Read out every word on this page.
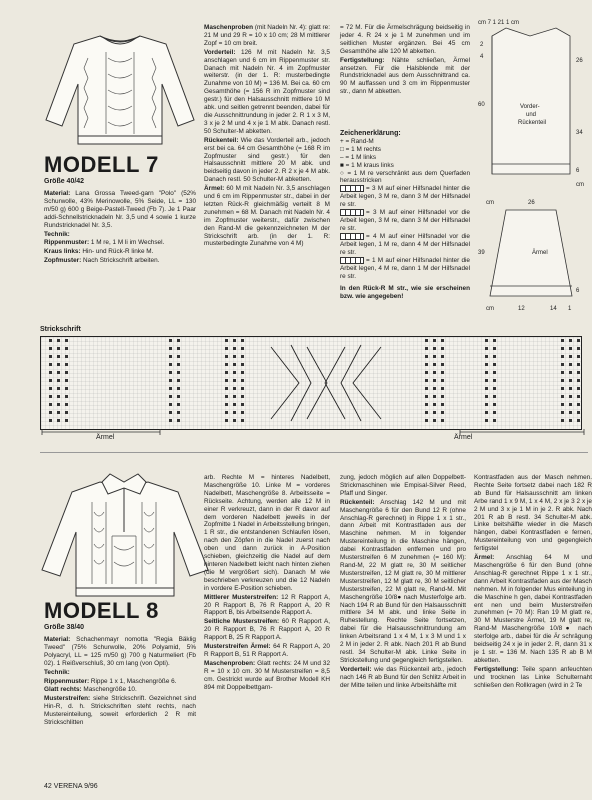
MODELL 7
Größe 40/42

Material: Lana Grossa Tweed-garn "Polo" (52% Schurwolle, 43% Merinowolle, 5% Seide, LL = 130 m/50 g) 600 g Beige-Pastell-Tweed (Fb 7). Je 1 Paar addi-Schnellstricknadeln Nr. 3,5 und 4 sowie 1 kurze Rundstricknadel Nr. 3,5.

Technik:

Rippenmuster: 1 M re, 1 M li im Wechsel.

Kraus links: Hin- und Rück-R linke M.

Zopfmuster: Nach Strickschrift arbeiten.

Maschenproben (mit Nadeln Nr. 4): glatt re: 21 M und 29 R = 10 x 10 cm; 28 M mittlerer Zopf = 10 cm breit.

Vorderteil: 126 M mit Nadeln Nr. 3,5 anschlagen und 6 cm im Rippenmuster str. Danach mit Nadeln Nr. 4 im Zopfmuster weiterstr. (in der 1. R: musterbedingte Zunahme von 10 M) = 136 M. Bei ca. 60 cm Gesamthöhe (= 156 R im Zopfmuster sind gestr.) für den Halsausschnitt mittlere 10 M abk. und seitlen getrennt beenden, dabei für die Ausschnittrundung in jeder 2. R 1 x 3 M, 3 x je 2 M und 4 x je 1 M abk. Danach restl. 50 Schulter-M abketten.

Rückenteil: Wie das Vorderteil arb., jedoch erst bei ca. 64 cm Gesamthöhe (= 168 R im Zopfmuster sind gestr.) für den Halsausschnitt mittlere 20 M abk. und beidseitig davon in jeder 2. R 2 x je 4 M abk. Danach restl. 50 Schulter-M abketten.

Ärmel: 60 M mit Nadeln Nr. 3,5 anschlagen und 6 cm im Rippenmuster str., dabei in der letzten Rück-R gleichmäßig verteilt 8 M zunehmen = 68 M. Danach mit Nadeln Nr. 4 im Zopfmuster weiterstr., dafür zwischen den Rand-M die gekennzeichneten M der Strickschrift arb. (in der 1. R: musterbedingte Zunahme von 4 M)

= 72 M. Für die Ärmelschrägung beidseitig in jeder 4. R 24 x je 1 M zunehmen und im seitlichen Muster ergänzen. Bei 45 cm Gesamthöhe alle 120 M abketten.

Fertigstellung: Nähte schließen, Ärmel ansetzen. Für die Halsblende mit der Rundstricknadel aus dem Ausschnittrand ca. 90 M auffassen und 3 cm im Rippenmuster str., dann M abketten.

Zeichenerklärung:
+ = Rand-M
□ = 1 M rechts
– = 1 M links
■ = 1 M kraus links
○ = 1 M re verschränkt aus dem Querfaden herausstricken
= 3 M auf einer Hilfsnadel hinter die Arbeit legen, 3 M re, dann 3 M der Hilfsnadel re str.
= 3 M auf einer Hilfsnadel vor die Arbeit legen, 3 M re, dann 3 M der Hilfsnadel re str.
= 4 M auf einer Hilfsnadel vor die Arbeit legen, 1 M re, dann 4 M der Hilfsnadel re str.
= 1 M auf einer Hilfsnadel hinter die Arbeit legen, 4 M re, dann 1 M der Hilfsnadel re str.
In den Rück-R M str., wie sie erscheinen bzw. wie angegeben!
cm 7 1 21 1 cm
26
34
2
4
60	Vorder-
und
Rückenteil
6
cm
cm	26
39	Ärmel
6
cm	12	14 1
Strickschrift
Ärmel	Ärmel
MODELL 8
Größe 38/40

Material: Schachenmayr nomotta "Regia Bäklig Tweed" (75% Schurwolle, 20% Polyamid, 5% Polyacryl, LL = 125 m/50 g) 700 g Naturmeliert (Fb 02). 1 Reißverschluß, 30 cm lang (von Opti).

Technik:

Rippenmuster: Rippe 1 x 1, Maschengröße 6.

Glatt rechts: Maschengröße 10.

Musterstreifen: siehe Strickschrift. Gezeichnet sind Hin-R, d. h. Strickschriften steht rechts, nach Mustereinteilung, soweit erforderlich 2 R mit Strickschlitten

arb. Rechte M = hinteres Nadelbett, Maschengröße 10. Linke M = vorderes Nadelbett, Maschengröße 8. Arbeitsseite = Rückseite. Achtung, werden alle 12 M in einer R verkreuzt, dann in der R davor auf dem vorderen Nadelbett jeweils in der Zopfmitte 1 Nadel in Arbeitsstellung bringen, 1 R str., die entstandenen Schlaufen lösen, nach den Zöpfen in die Nadel zuerst nach oben und dann zurück in A-Position schieben, gleichzeitig die Nadel auf dem hinteren Nadelbett leicht nach hinten ziehen (die M vergrößert sich). Danach M wie beschrieben verkreuzen und die 12 Nadeln in vordere E-Position schieben.

Mittlerer Musterstreifen: 12 R Rapport A, 20 R Rapport B, 76 R Rapport A, 20 R Rapport B, bis Arbeitsende Rapport A.

Seitliche Musterstreifen: 60 R Rapport A, 20 R Rapport B, 76 R Rapport A, 20 R Rapport B, 25 R Rapport A.

Musterstreifen Ärmel: 64 R Rapport A, 20 R Rapport B, 51 R Rapport A.

Maschenproben: Glatt rechts: 24 M und 32 R = 10 x 10 cm. 30 M Musterstreifen = 8,5 cm. Gestrickt wurde auf Brother Modell KH 894 mit Doppelbettgarn-

zung, jedoch möglich auf allen Doppelbett-Strickmaschinen wie Empisal-Silver Reed, Pfaff und Singer.

Rückenteil: Anschlag 142 M und mit Maschengröße 6 für den Bund 12 R (ohne Anschlag-R gerechnet) in Rippe 1 x 1 str., dann Arbeit mit Kontrastfaden aus der Maschine nehmen. M in folgender Mustereinteilung in die Maschine hängen, dabei Kontrastfaden entfernen und pro Musterstreifen 6 M zunehmen (= 160 M): Rand-M, 22 M glatt re, 30 M seitlicher Musterstreifen, 12 M glatt re, 30 M mittlerer Musterstreifen, 12 M glatt re, 30 M seitlicher Musterstreifen, 22 M glatt re, Rand-M. Mit Maschengröße 10/8● nach Musterfolge arb. Nach 194 R ab Bund für den Halsausschnitt mittlere 34 M abk. und linke Seite in Ruhestellung. Rechte Seite fortsetzen, dabei für die Halsausschnittrundung am linken Arbeitsrand 1 x 4 M, 1 x 3 M und 1 x 2 M in jeder 2. R abk. Nach 201 R ab Bund restl. 34 Schulter-M abk. Linke Seite in Strickstellung und gegengleich fertigstellen.

Vorderteil: wie das Rückenteil arb., jedoch nach 146 R ab Bund für den Schlitz Arbeit in der Mitte teilen und linke Arbeitshälfte mit

Kontrastfaden aus der Masch nehmen. Rechte Seite fortsetz dabei nach 182 R ab Bund für Halsausschnitt am linken Arbe rand 1 x 9 M, 1 x 4 M, 2 x je 3 2 x je 2 M und 3 x je 1 M in je 2. R abk. Nach 201 R ab B restl. 34 Schulter-M abk. Linke beitshälfte wieder in die Masch hängen, dabei Kontrastfaden e fernen, Mustereinteilung von und gegengleich fertigstel

Ärmel: Anschlag 64 M und Maschengröße 6 für den Bund (ohne Anschlag-R gerechnet Rippe 1 x 1 str., dann Arbeit Kontrastfaden aus der Masch nehmen. M in folgender Mus einteilung in die Maschine h gen, dabei Kontrastfaden ent nen und beim Musterstreifen zunehmen (= 70 M): Ran 19 M glatt re, 30 M Musterstre Ärmel, 19 M glatt re, Rand-M Maschengröße 10/8● nach sterfolge arb., dabei für die Är schrägung beidseitig 24 x je in jeder 2. R, dann 31 x je 1 str. = 136 M. Nach 135 R ab B M abketten.

Fertigstellung: Teile spann anfeuchten und trocknen las Linke Schulternaht schließen den Rollkragen (wird in 2 Te

42 VERENA 9/96
